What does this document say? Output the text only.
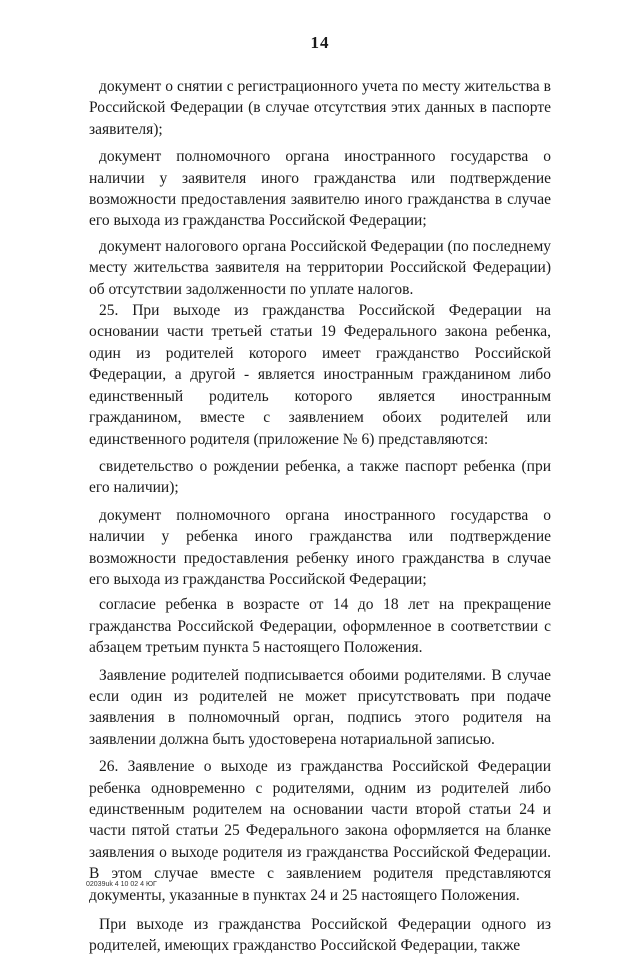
14

документ о снятии с регистрационного учета по месту жительства в Российской Федерации (в случае отсутствия этих данных в паспорте заявителя);

документ полномочного органа иностранного государства о наличии у заявителя иного гражданства или подтверждение возможности предоставления заявителю иного гражданства в случае его выхода из гражданства Российской Федерации;

документ налогового органа Российской Федерации (по последнему месту жительства заявителя на территории Российской Федерации) об отсутствии задолженности по уплате налогов.

25. При выходе из гражданства Российской Федерации на основании части третьей статьи 19 Федерального закона ребенка, один из родителей которого имеет гражданство Российской Федерации, а другой - является иностранным гражданином либо единственный родитель которого является иностранным гражданином, вместе с заявлением обоих родителей или единственного родителя (приложение № 6) представляются:

свидетельство о рождении ребенка, а также паспорт ребенка (при его наличии);

документ полномочного органа иностранного государства о наличии у ребенка иного гражданства или подтверждение возможности предоставления ребенку иного гражданства в случае его выхода из гражданства Российской Федерации;

согласие ребенка в возрасте от 14 до 18 лет на прекращение гражданства Российской Федерации, оформленное в соответствии с абзацем третьим пункта 5 настоящего Положения.

Заявление родителей подписывается обоими родителями. В случае если один из родителей не может присутствовать при подаче заявления в полномочный орган, подпись этого родителя на заявлении должна быть удостоверена нотариальной записью.

26. Заявление о выходе из гражданства Российской Федерации ребенка одновременно с родителями, одним из родителей либо единственным родителем на основании части второй статьи 24 и части пятой статьи 25 Федерального закона оформляется на бланке заявления о выходе родителя из гражданства Российской Федерации. В этом случае вместе с заявлением родителя представляются документы, указанные в пунктах 24 и 25 настоящего Положения.

При выходе из гражданства Российской Федерации одного из родителей, имеющих гражданство Российской Федерации, также

02039uk 4 10 02 4 ЮГ
